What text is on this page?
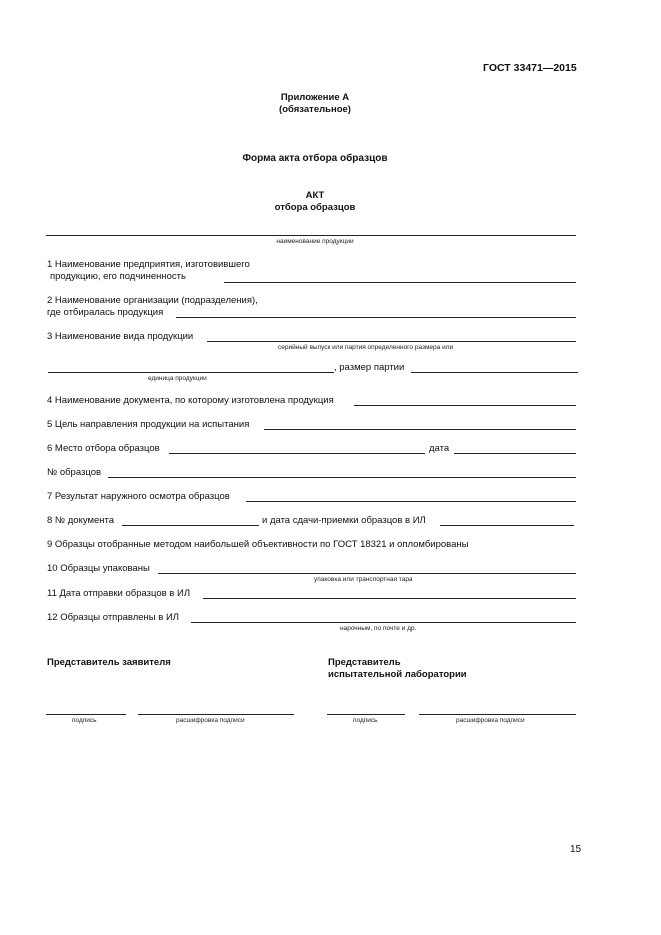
ГОСТ 33471—2015
Приложение А
(обязательное)
Форма акта отбора образцов
АКТ
отбора образцов
наименование продукции
1 Наименование предприятия, изготовившего
продукцию, его подчиненность
2 Наименование организации (подразделения),
где отбиралась продукция
3 Наименование вида продукции
серийный выпуск или партия определенного размера или
, размер партии
единица продукции
4 Наименование документа, по которому изготовлена продукция
5 Цель направления продукции на испытания
6 Место отбора образцов	дата
№ образцов
7 Результат наружного осмотра образцов
8 № документа	и дата сдачи-приемки образцов в ИЛ
9 Образцы отобранные методом наибольшей объективности по ГОСТ 18321 и опломбированы
10 Образцы упакованы
упаковка или транспортная тара
11 Дата отправки образцов в ИЛ
12 Образцы отправлены в ИЛ
нарочным, по почте и др.
Представитель заявителя	Представитель
испытательной лаборатории
подпись	расшифровка подписи	подпись	расшифровка подписи
15
